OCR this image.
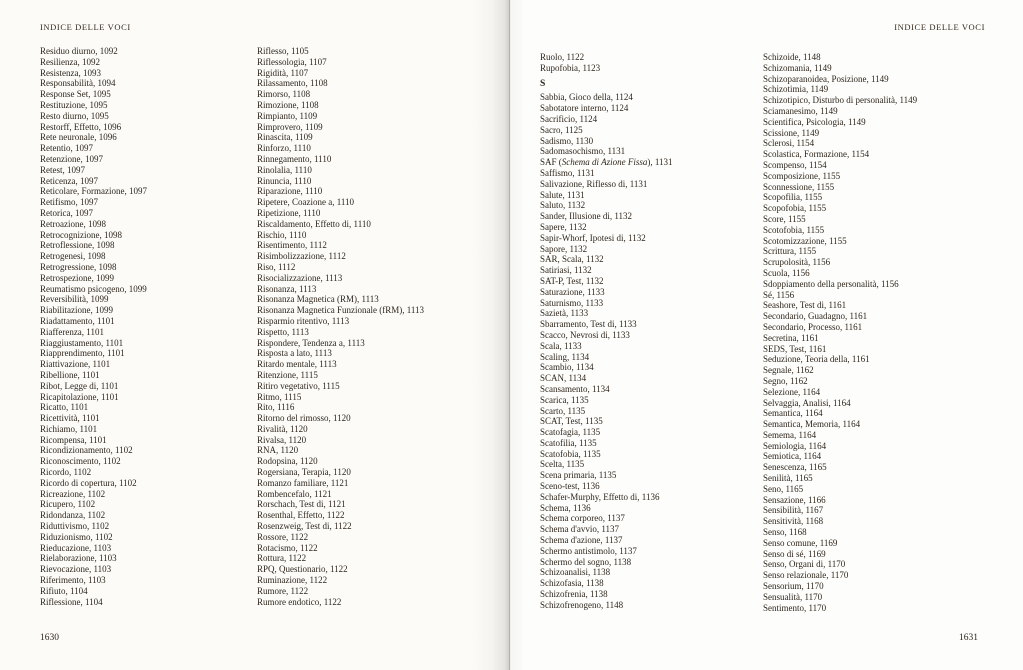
INDICE DELLE VOCI
Residuo diurno, 1092
Resilienza, 1092
Resistenza, 1093
Responsabilità, 1094
Response Set, 1095
Restituzione, 1095
Resto diurno, 1095
Restorff, Effetto, 1096
Rete neuronale, 1096
Retentio, 1097
Retenzione, 1097
Retest, 1097
Reticenza, 1097
Reticolare, Formazione, 1097
Retifismo, 1097
Retorica, 1097
Retroazione, 1098
Retrocognizione, 1098
Retroflessione, 1098
Retrogenesi, 1098
Retrogressione, 1098
Retrospezione, 1099
Reumatismo psicogeno, 1099
Reversibilità, 1099
Riabilitazione, 1099
Riadattamento, 1101
Riafferenza, 1101
Riaggiustamento, 1101
Riapprendimento, 1101
Riattivazione, 1101
Ribellione, 1101
Ribot, Legge di, 1101
Ricapitolazione, 1101
Ricatto, 1101
Ricettività, 1101
Richiamo, 1101
Ricompensa, 1101
Ricondizionamento, 1102
Riconoscimento, 1102
Ricordo, 1102
Ricordo di copertura, 1102
Ricreazione, 1102
Ricupero, 1102
Ridondanza, 1102
Riduttivismo, 1102
Riduzionismo, 1102
Rieducazione, 1103
Rielaborazione, 1103
Rievocazione, 1103
Riferimento, 1103
Rifiuto, 1104
Riflessione, 1104
Riflesso, 1105
Riflessologia, 1107
Rigidità, 1107
Rilassamento, 1108
Rimorso, 1108
Rimozione, 1108
Rimpianto, 1109
Rimprovero, 1109
Rinascita, 1109
Rinforzo, 1110
Rinnegamento, 1110
Rinolalia, 1110
Rinuncia, 1110
Riparazione, 1110
Ripetere, Coazione a, 1110
Ripetizione, 1110
Riscaldamento, Effetto di, 1110
Rischio, 1110
Risentimento, 1112
Risimbolizzazione, 1112
Riso, 1112
Risocializzazione, 1113
Risonanza, 1113
Risonanza Magnetica (RM), 1113
Risonanza Magnetica Funzionale (fRM), 1113
Risparmio ritentivo, 1113
Rispetto, 1113
Rispondere, Tendenza a, 1113
Risposta a lato, 1113
Ritardo mentale, 1113
Ritenzione, 1115
Ritiro vegetativo, 1115
Ritmo, 1115
Rito, 1116
Ritorno del rimosso, 1120
Rivalità, 1120
Rivalsa, 1120
RNA, 1120
Rodopsina, 1120
Rogersiana, Terapia, 1120
Romanzo familiare, 1121
Rombencefalo, 1121
Rorschach, Test di, 1121
Rosenthal, Effetto, 1122
Rosenzweig, Test di, 1122
Rossore, 1122
Rotacismo, 1122
Rottura, 1122
RPQ, Questionario, 1122
Ruminazione, 1122
Rumore, 1122
Rumore endotico, 1122
1630
INDICE DELLE VOCI
Ruolo, 1122
Rupofobia, 1123
S
Sabbia, Gioco della, 1124
Sabotatore interno, 1124
Sacrificio, 1124
Sacro, 1125
Sadismo, 1130
Sadomasochismo, 1131
SAF (Schema di Azione Fissa), 1131
Saffismo, 1131
Salivazione, Riflesso di, 1131
Salute, 1131
Saluto, 1132
Sander, Illusione di, 1132
Sapere, 1132
Sapir-Whorf, Ipotesi di, 1132
Sapore, 1132
SAR, Scala, 1132
Satiriasi, 1132
SAT-P, Test, 1132
Saturazione, 1133
Saturnismo, 1133
Sazietà, 1133
Sbarramento, Test di, 1133
Scacco, Nevrosi di, 1133
Scala, 1133
Scaling, 1134
Scambio, 1134
SCAN, 1134
Scansamento, 1134
Scarica, 1135
Scarto, 1135
SCAT, Test, 1135
Scatofagia, 1135
Scatofilia, 1135
Scatofobia, 1135
Scelta, 1135
Scena primaria, 1135
Sceno-test, 1136
Schafer-Murphy, Effetto di, 1136
Schema, 1136
Schema corporeo, 1137
Schema d'avvio, 1137
Schema d'azione, 1137
Schermo antistimolo, 1137
Schermo del sogno, 1138
Schizoanalisi, 1138
Schizofasia, 1138
Schizofrenia, 1138
Schizofrenogeno, 1148
Schizoide, 1148
Schizomania, 1149
Schizoparanoidea, Posizione, 1149
Schizotimia, 1149
Schizotipico, Disturbo di personalità, 1149
Sciamanesimo, 1149
Scientifica, Psicologia, 1149
Scissione, 1149
Sclerosi, 1154
Scolastica, Formazione, 1154
Scompenso, 1154
Scomposizione, 1155
Sconnessione, 1155
Scopofilia, 1155
Scopofobia, 1155
Score, 1155
Scotofobia, 1155
Scotomizzazione, 1155
Scrittura, 1155
Scrupolosità, 1156
Scuola, 1156
Sdoppiamento della personalità, 1156
Sé, 1156
Seashore, Test di, 1161
Secondario, Guadagno, 1161
Secondario, Processo, 1161
Secretina, 1161
SEDS, Test, 1161
Seduzione, Teoria della, 1161
Segnale, 1162
Segno, 1162
Selezione, 1164
Selvaggia, Analisi, 1164
Semantica, 1164
Semantica, Memoria, 1164
Semema, 1164
Semiologia, 1164
Semiotica, 1164
Senescenza, 1165
Senilità, 1165
Seno, 1165
Sensazione, 1166
Sensibilità, 1167
Sensitività, 1168
Senso, 1168
Senso comune, 1169
Senso di sé, 1169
Senso, Organi di, 1170
Senso relazionale, 1170
Sensorium, 1170
Sensualità, 1170
Sentimento, 1170
1631
